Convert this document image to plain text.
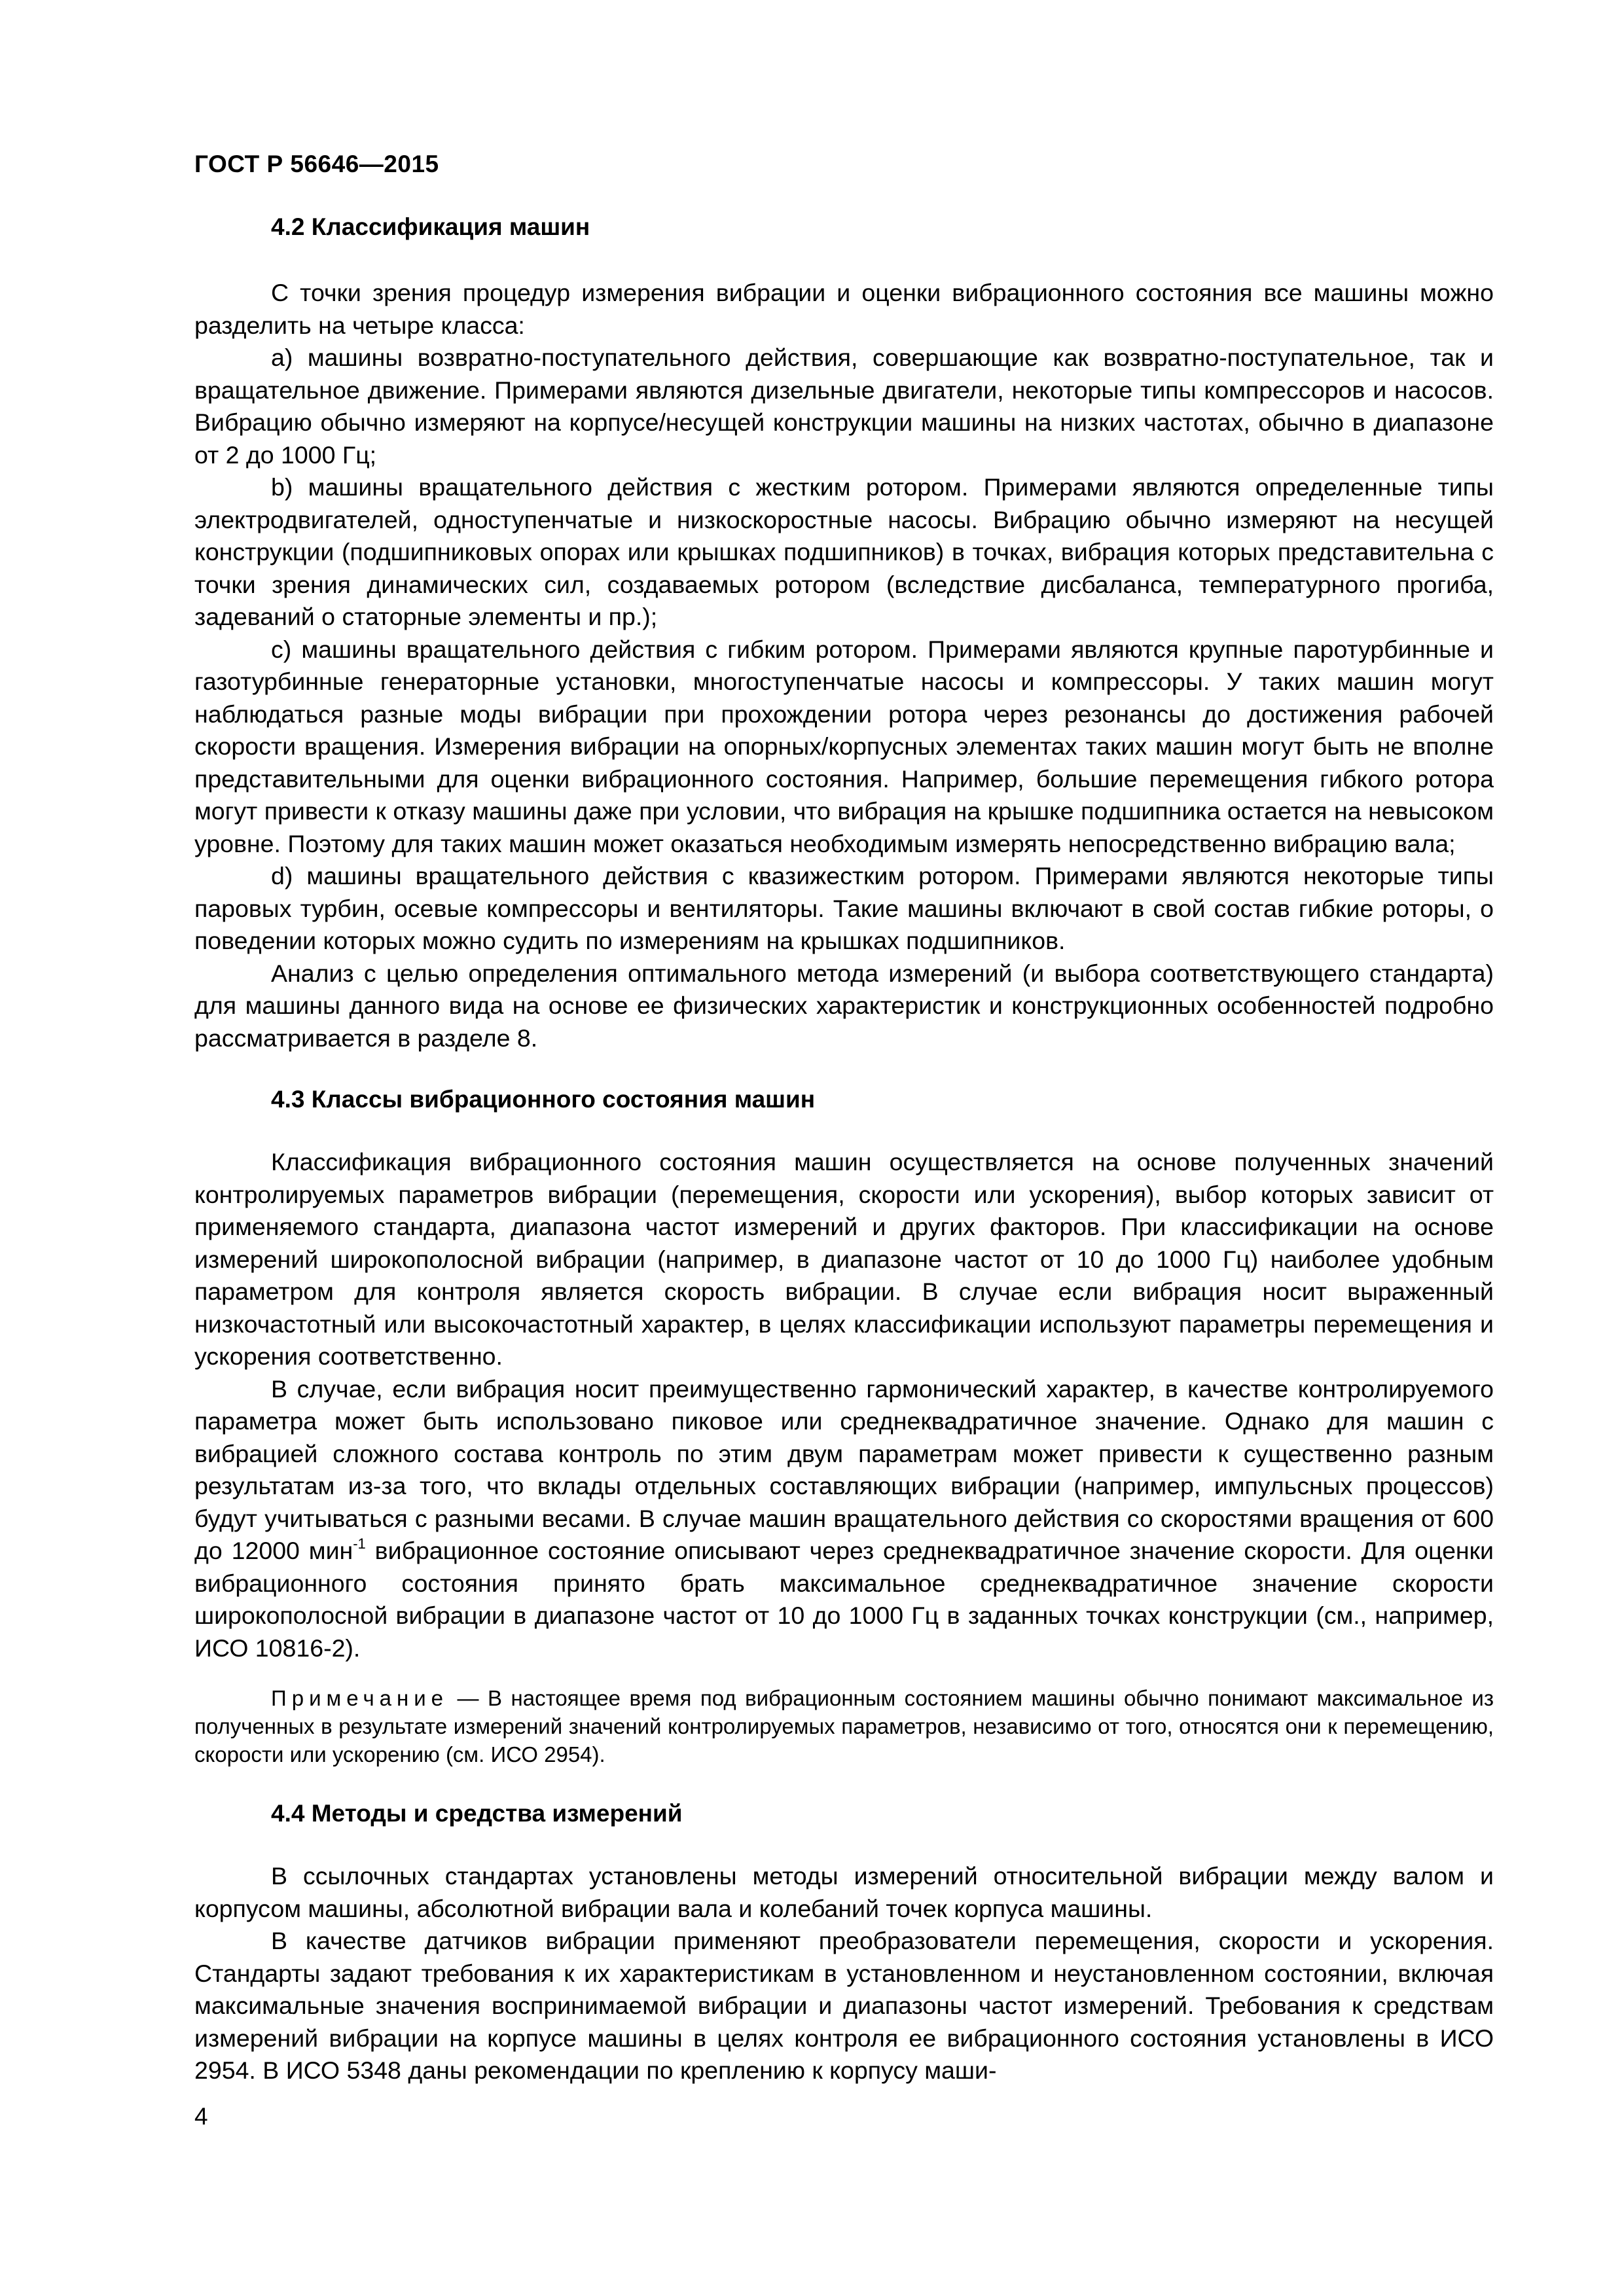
ГОСТ Р 56646—2015
4.2 Классификация машин

С точки зрения процедур измерения вибрации и оценки вибрационного состояния все машины можно разделить на четыре класса:

a) машины возвратно-поступательного действия, совершающие как возвратно-поступательное, так и вращательное движение. Примерами являются дизельные двигатели, некоторые типы компрессоров и насосов. Вибрацию обычно измеряют на корпусе/несущей конструкции машины на низких частотах, обычно в диапазоне от 2 до 1000 Гц;

b) машины вращательного действия с жестким ротором. Примерами являются определенные типы электродвигателей, одноступенчатые и низкоскоростные насосы. Вибрацию обычно измеряют на несущей конструкции (подшипниковых опорах или крышках подшипников) в точках, вибрация которых представительна с точки зрения динамических сил, создаваемых ротором (вследствие дисбаланса, температурного прогиба, задеваний о статорные элементы и пр.);

c) машины вращательного действия с гибким ротором. Примерами являются крупные паротурбинные и газотурбинные генераторные установки, многоступенчатые насосы и компрессоры. У таких машин могут наблюдаться разные моды вибрации при прохождении ротора через резонансы до достижения рабочей скорости вращения. Измерения вибрации на опорных/корпусных элементах таких машин могут быть не вполне представительными для оценки вибрационного состояния. Например, большие перемещения гибкого ротора могут привести к отказу машины даже при условии, что вибрация на крышке подшипника остается на невысоком уровне. Поэтому для таких машин может оказаться необходимым измерять непосредственно вибрацию вала;

d) машины вращательного действия с квазижестким ротором. Примерами являются некоторые типы паровых турбин, осевые компрессоры и вентиляторы. Такие машины включают в свой состав гибкие роторы, о поведении которых можно судить по измерениям на крышках подшипников.

Анализ с целью определения оптимального метода измерений (и выбора соответствующего стандарта) для машины данного вида на основе ее физических характеристик и конструкционных особенностей подробно рассматривается в разделе 8.

4.3 Классы вибрационного состояния машин

Классификация вибрационного состояния машин осуществляется на основе полученных значений контролируемых параметров вибрации (перемещения, скорости или ускорения), выбор которых зависит от применяемого стандарта, диапазона частот измерений и других факторов. При классификации на основе измерений широкополосной вибрации (например, в диапазоне частот от 10 до 1000 Гц) наиболее удобным параметром для контроля является скорость вибрации. В случае если вибрация носит выраженный низкочастотный или высокочастотный характер, в целях классификации используют параметры перемещения и ускорения соответственно.

В случае, если вибрация носит преимущественно гармонический характер, в качестве контролируемого параметра может быть использовано пиковое или среднеквадратичное значение. Однако для машин с вибрацией сложного состава контроль по этим двум параметрам может привести к существенно разным результатам из-за того, что вклады отдельных составляющих вибрации (например, импульсных процессов) будут учитываться с разными весами. В случае машин вращательного действия со скоростями вращения от 600 до 12000 мин$^{-1}$ вибрационное состояние описывают через среднеквадратичное значение скорости. Для оценки вибрационного состояния принято брать максимальное среднеквадратичное значение скорости широкополосной вибрации в диапазоне частот от 10 до 1000 Гц в заданных точках конструкции (см., например, ИСО 10816-2).

Примечание — В настоящее время под вибрационным состоянием машины обычно понимают максимальное из полученных в результате измерений значений контролируемых параметров, независимо от того, относятся они к перемещению, скорости или ускорению (см. ИСО 2954).

4.4 Методы и средства измерений

В ссылочных стандартах установлены методы измерений относительной вибрации между валом и корпусом машины, абсолютной вибрации вала и колебаний точек корпуса машины.

В качестве датчиков вибрации применяют преобразователи перемещения, скорости и ускорения. Стандарты задают требования к их характеристикам в установленном и неустановленном состоянии, включая максимальные значения воспринимаемой вибрации и диапазоны частот измерений. Требования к средствам измерений вибрации на корпусе машины в целях контроля ее вибрационного состояния установлены в ИСО 2954. В ИСО 5348 даны рекомендации по креплению к корпусу маши-

4
